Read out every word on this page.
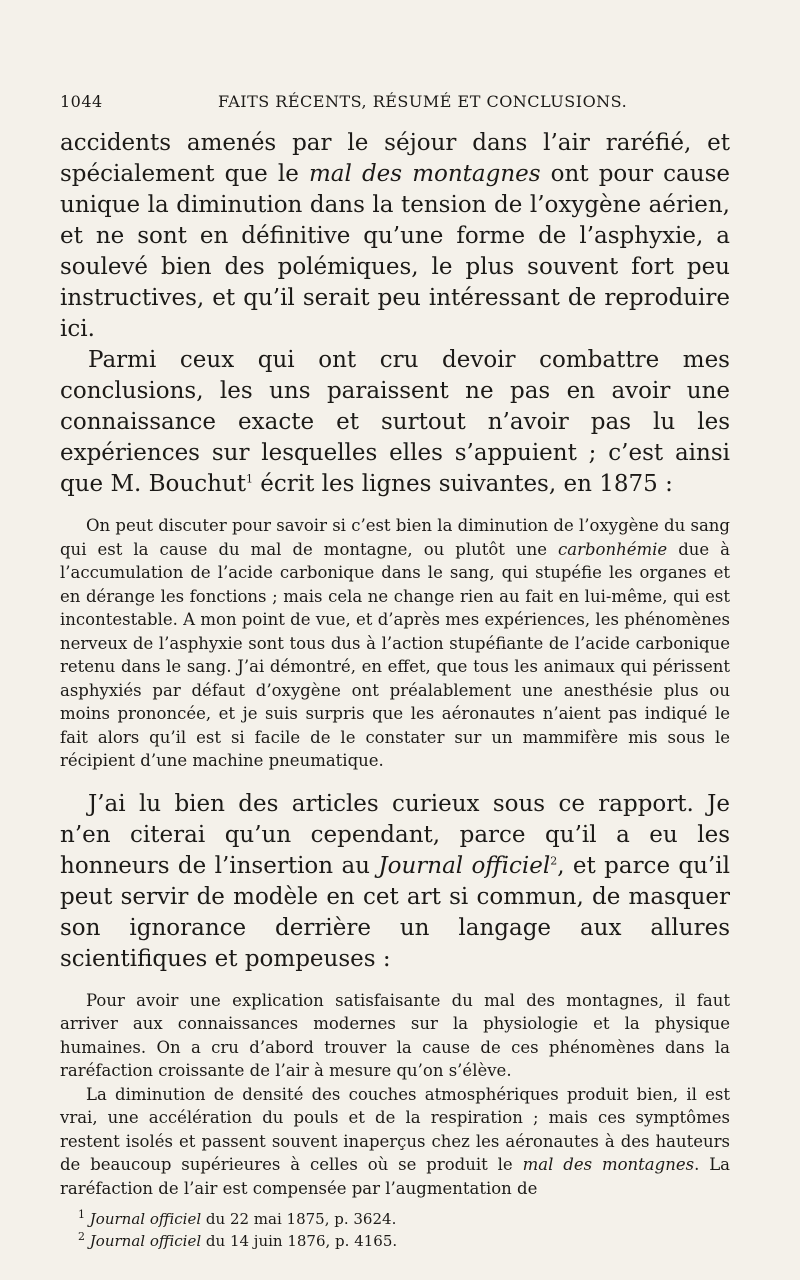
1044	FAITS RÉCENTS, RÉSUMÉ ET CONCLUSIONS.

accidents amenés par le séjour dans l’air raréfié, et spécialement que le mal des montagnes ont pour cause unique la diminution dans la tension de l’oxygène aérien, et ne sont en définitive qu’une forme de l’asphyxie, a soulevé bien des polémiques, le plus souvent fort peu instructives, et qu’il serait peu intéressant de reproduire ici.

Parmi ceux qui ont cru devoir combattre mes conclusions, les uns paraissent ne pas en avoir une connaissance exacte et surtout n’avoir pas lu les expériences sur lesquelles elles s’appuient ; c’est ainsi que M. Bouchut$^1$ écrit les lignes suivantes, en 1875 :

On peut discuter pour savoir si c’est bien la diminution de l’oxygène du sang qui est la cause du mal de montagne, ou plutôt une carbonhémie due à l’accumulation de l’acide carbonique dans le sang, qui stupéfie les organes et en dérange les fonctions ; mais cela ne change rien au fait en lui-même, qui est incontestable. A mon point de vue, et d’après mes expériences, les phénomènes nerveux de l’asphyxie sont tous dus à l’action stupéfiante de l’acide carbonique retenu dans le sang. J’ai démontré, en effet, que tous les animaux qui périssent asphyxiés par défaut d’oxygène ont préalablement une anesthésie plus ou moins prononcée, et je suis surpris que les aéronautes n’aient pas indiqué le fait alors qu’il est si facile de le constater sur un mammifère mis sous le récipient d’une machine pneumatique.

J’ai lu bien des articles curieux sous ce rapport. Je n’en citerai qu’un cependant, parce qu’il a eu les honneurs de l’insertion au Journal officiel$^2$, et parce qu’il peut servir de modèle en cet art si commun, de masquer son ignorance derrière un langage aux allures scientifiques et pompeuses :

Pour avoir une explication satisfaisante du mal des montagnes, il faut arriver aux connaissances modernes sur la physiologie et la physique humaines. On a cru d’abord trouver la cause de ces phénomènes dans la raréfaction croissante de l’air à mesure qu’on s’élève.

La diminution de densité des couches atmosphériques produit bien, il est vrai, une accélération du pouls et de la respiration ; mais ces symptômes restent isolés et passent souvent inaperçus chez les aéronautes à des hauteurs de beaucoup supérieures à celles où se produit le mal des montagnes. La raréfaction de l’air est compensée par l’augmentation de

$^1$ Journal officiel du 22 mai 1875, p. 3624.
$^2$ Journal officiel du 14 juin 1876, p. 4165.
